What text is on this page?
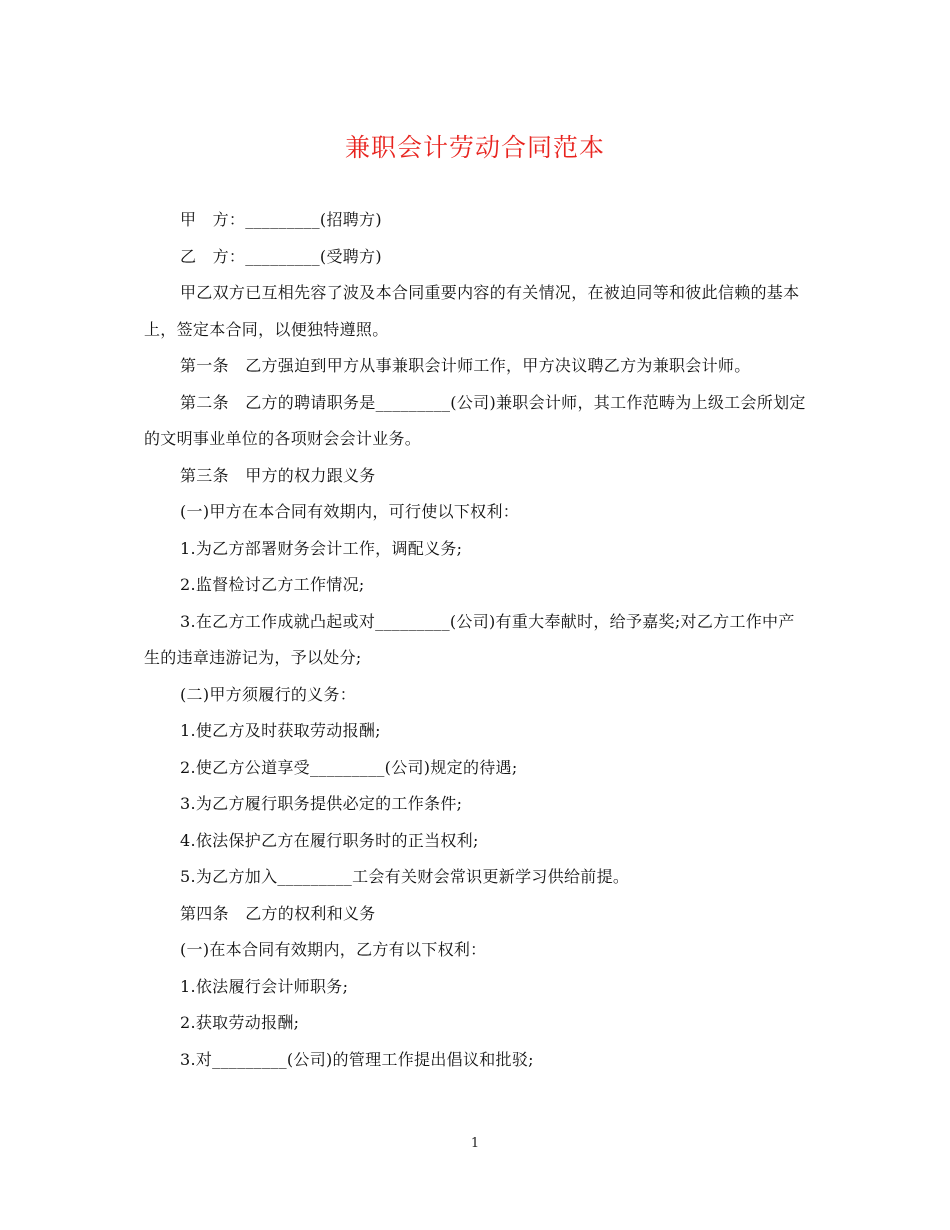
兼职会计劳动合同范本

甲　方：_________(招聘方)

乙　方：_________(受聘方)

甲乙双方已互相先容了波及本合同重要内容的有关情况，在被迫同等和彼此信赖的基本上，签定本合同，以便独特遵照。

第一条　乙方强迫到甲方从事兼职会计师工作，甲方决议聘乙方为兼职会计师。

第二条　乙方的聘请职务是_________(公司)兼职会计师，其工作范畴为上级工会所划定的文明事业单位的各项财会会计业务。

第三条　甲方的权力跟义务

(一)甲方在本合同有效期内，可行使以下权利：

1.为乙方部署财务会计工作，调配义务;

2.监督检讨乙方工作情况;

3.在乙方工作成就凸起或对_________(公司)有重大奉献时，给予嘉奖;对乙方工作中产生的违章违游记为，予以处分;

(二)甲方须履行的义务：

1.使乙方及时获取劳动报酬;

2.使乙方公道享受_________(公司)规定的待遇;

3.为乙方履行职务提供必定的工作条件;

4.依法保护乙方在履行职务时的正当权利;

5.为乙方加入_________工会有关财会常识更新学习供给前提。

第四条　乙方的权利和义务

(一)在本合同有效期内，乙方有以下权利：

1.依法履行会计师职务;

2.获取劳动报酬;

3.对_________(公司)的管理工作提出倡议和批驳;

1
